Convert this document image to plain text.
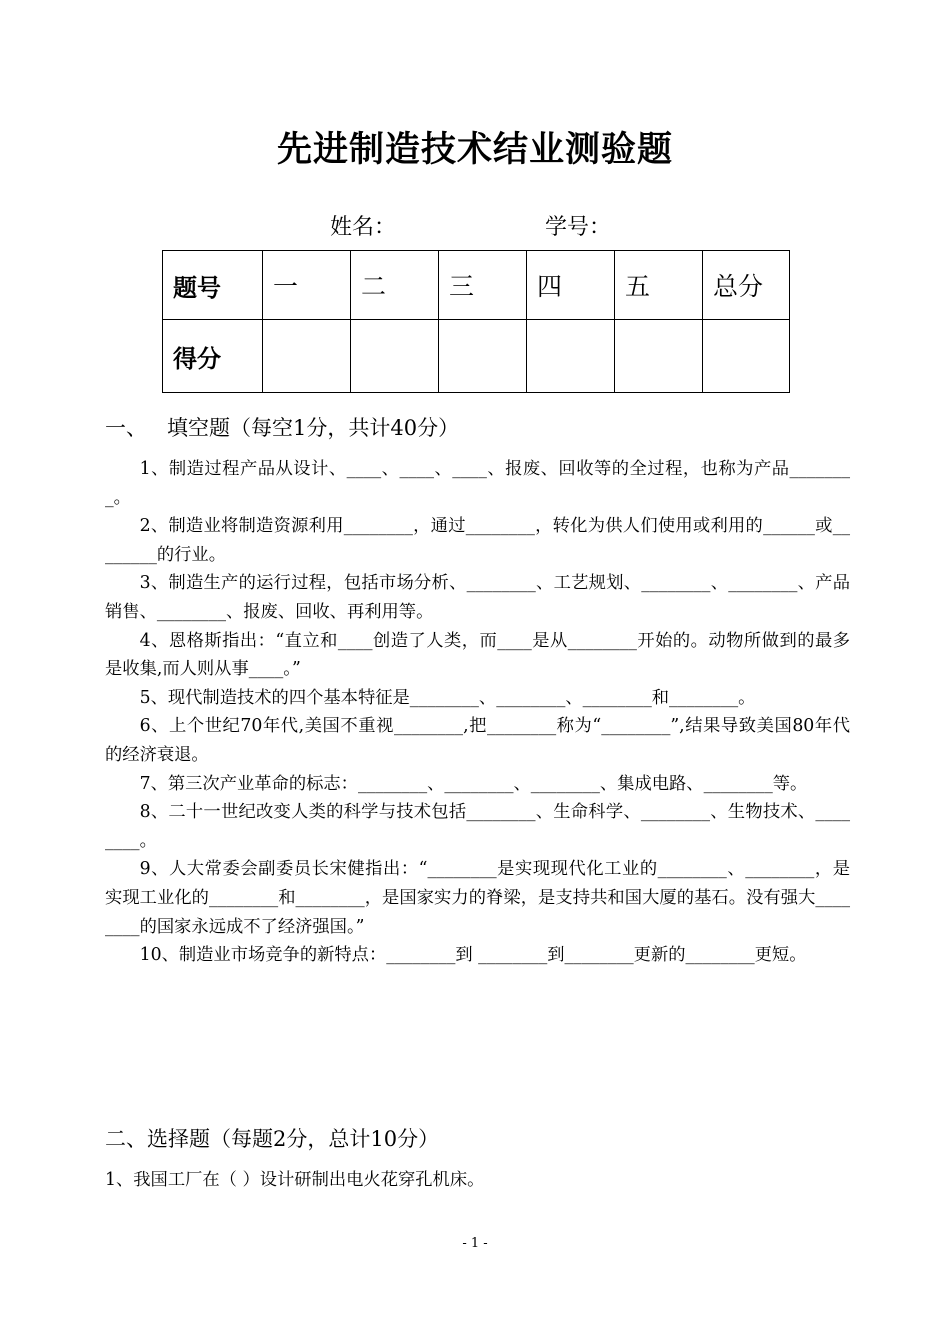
先进制造技术结业测验题
姓名：	学号：
题号	一	二	三	四	五	总分
得分						
一、 填空题（每空1分，共计40分）

1、制造过程产品从设计、____、____、____、报废、回收等的全过程，也称为产品________。

2、制造业将制造资源利用________，通过________，转化为供人们使用或利用的______或________的行业。

3、制造生产的运行过程，包括市场分析、________、工艺规划、________、________、产品销售、________、报废、回收、再利用等。

4、恩格斯指出：“直立和____创造了人类，而____是从________开始的。动物所做到的最多是收集,而人则从事____。”

5、现代制造技术的四个基本特征是________、________、________和________。

6、上个世纪70年代,美国不重视________,把________称为“________”,结果导致美国80年代的经济衰退。

7、第三次产业革命的标志：________、________、________、集成电路、________等。

8、二十一世纪改变人类的科学与技术包括________、生命科学、________、生物技术、________。

9、人大常委会副委员长宋健指出：“________是实现现代化工业的________、________，是实现工业化的________和________，是国家实力的脊梁，是支持共和国大厦的基石。没有强大________的国家永远成不了经济强国。”

10、制造业市场竞争的新特点：________到 ________到________更新的________更短。

二、选择题（每题2分，总计10分）
1、我国工厂在（ ）设计研制出电火花穿孔机床。
- 1 -
